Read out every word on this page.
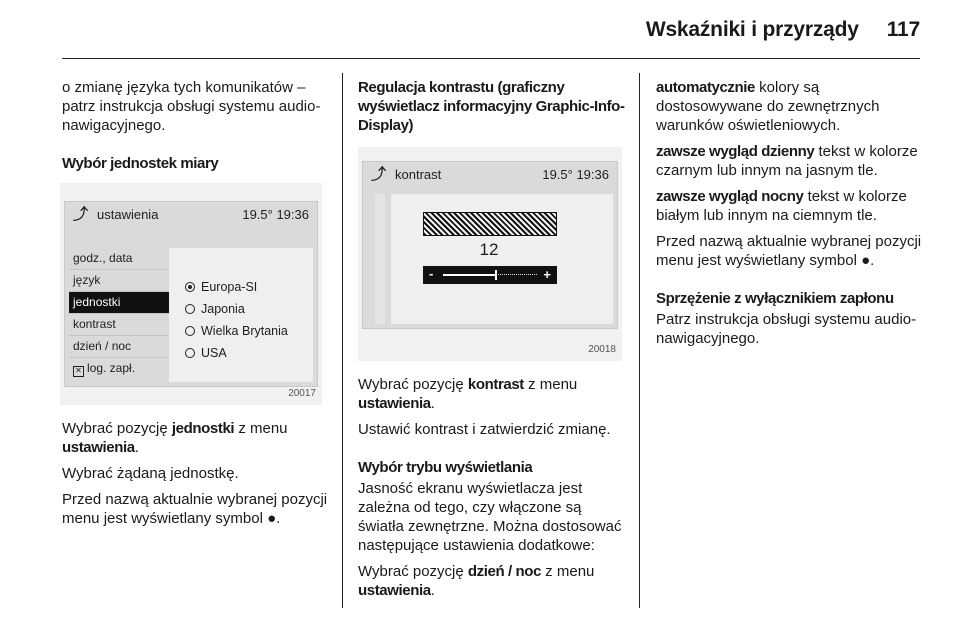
Wskaźniki i przyrządy 117

o zmianę języka tych komunikatów – patrz instrukcja obsługi systemu audio-nawigacyjnego.

Wybór jednostek miary
⤴ ustawienia	19.5° 19:36
godz., data
język
jednostki
kontrast
dzień / noc
✕ log. zapł.
Europa-SI
Japonia
Wielka Brytania
USA
20017

Wybrać pozycję jednostki z menu ustawienia.

Wybrać żądaną jednostkę.

Przed nazwą aktualnie wybranej pozycji menu jest wyświetlany symbol ●.

Regulacja kontrastu (graficzny wyświetlacz informacyjny Graphic-Info-Display)
⤴ kontrast	19.5° 19:36
12
-	+
20018

Wybrać pozycję kontrast z menu ustawienia.

Ustawić kontrast i zatwierdzić zmianę.

Wybór trybu wyświetlania

Jasność ekranu wyświetlacza jest zależna od tego, czy włączone są światła zewnętrzne. Można dostosować następujące ustawienia dodatkowe:

Wybrać pozycję dzień / noc z menu ustawienia.

automatycznie kolory są dostosowywane do zewnętrznych warunków oświetleniowych.

zawsze wygląd dzienny tekst w kolorze czarnym lub innym na jasnym tle.

zawsze wygląd nocny tekst w kolorze białym lub innym na ciemnym tle.

Przed nazwą aktualnie wybranej pozycji menu jest wyświetlany symbol ●.

Sprzężenie z wyłącznikiem zapłonu

Patrz instrukcja obsługi systemu audio-nawigacyjnego.
